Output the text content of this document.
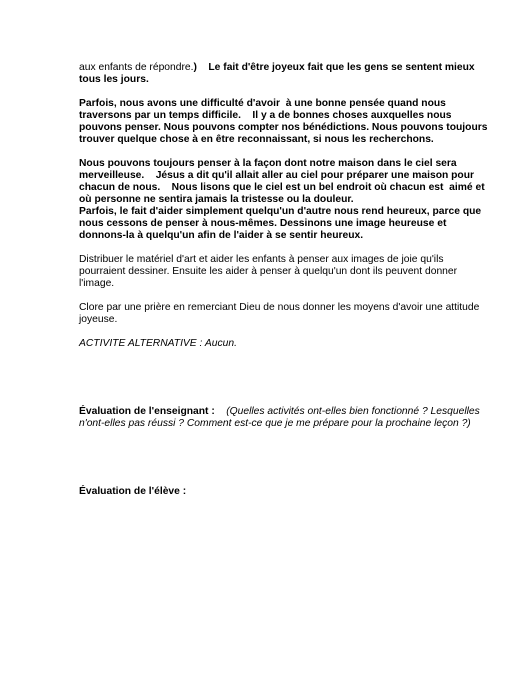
aux enfants de répondre.) Le fait d'être joyeux fait que les gens se sentent mieux tous les jours.

Parfois, nous avons une difficulté d'avoir  à une bonne pensée quand nous traversons par un temps difficile.    Il y a de bonnes choses auxquelles nous pouvons penser. Nous pouvons compter nos bénédictions. Nous pouvons toujours trouver quelque chose à en être reconnaissant, si nous les recherchons.

Nous pouvons toujours penser à la façon dont notre maison dans le ciel sera merveilleuse.    Jésus a dit qu'il allait aller au ciel pour préparer une maison pour chacun de nous.    Nous lisons que le ciel est un bel endroit où chacun est  aimé et où personne ne sentira jamais la tristesse ou la douleur.

Parfois, le fait d'aider simplement quelqu'un d'autre nous rend heureux, parce que nous cessons de penser à nous-mêmes. Dessinons une image heureuse et donnons-la à quelqu'un afin de l'aider à se sentir heureux.

Distribuer le matériel d'art et aider les enfants à penser aux images de joie qu'ils pourraient dessiner. Ensuite les aider à penser à quelqu'un dont ils peuvent donner l'image.

Clore par une prière en remerciant Dieu de nous donner les moyens d'avoir une attitude joyeuse.

ACTIVITE ALTERNATIVE : Aucun.

Évaluation de l'enseignant : (Quelles activités ont-elles bien fonctionné ? Lesquelles n'ont-elles pas réussi ? Comment est-ce que je me prépare pour la prochaine leçon ?)

Évaluation de l'élève :
